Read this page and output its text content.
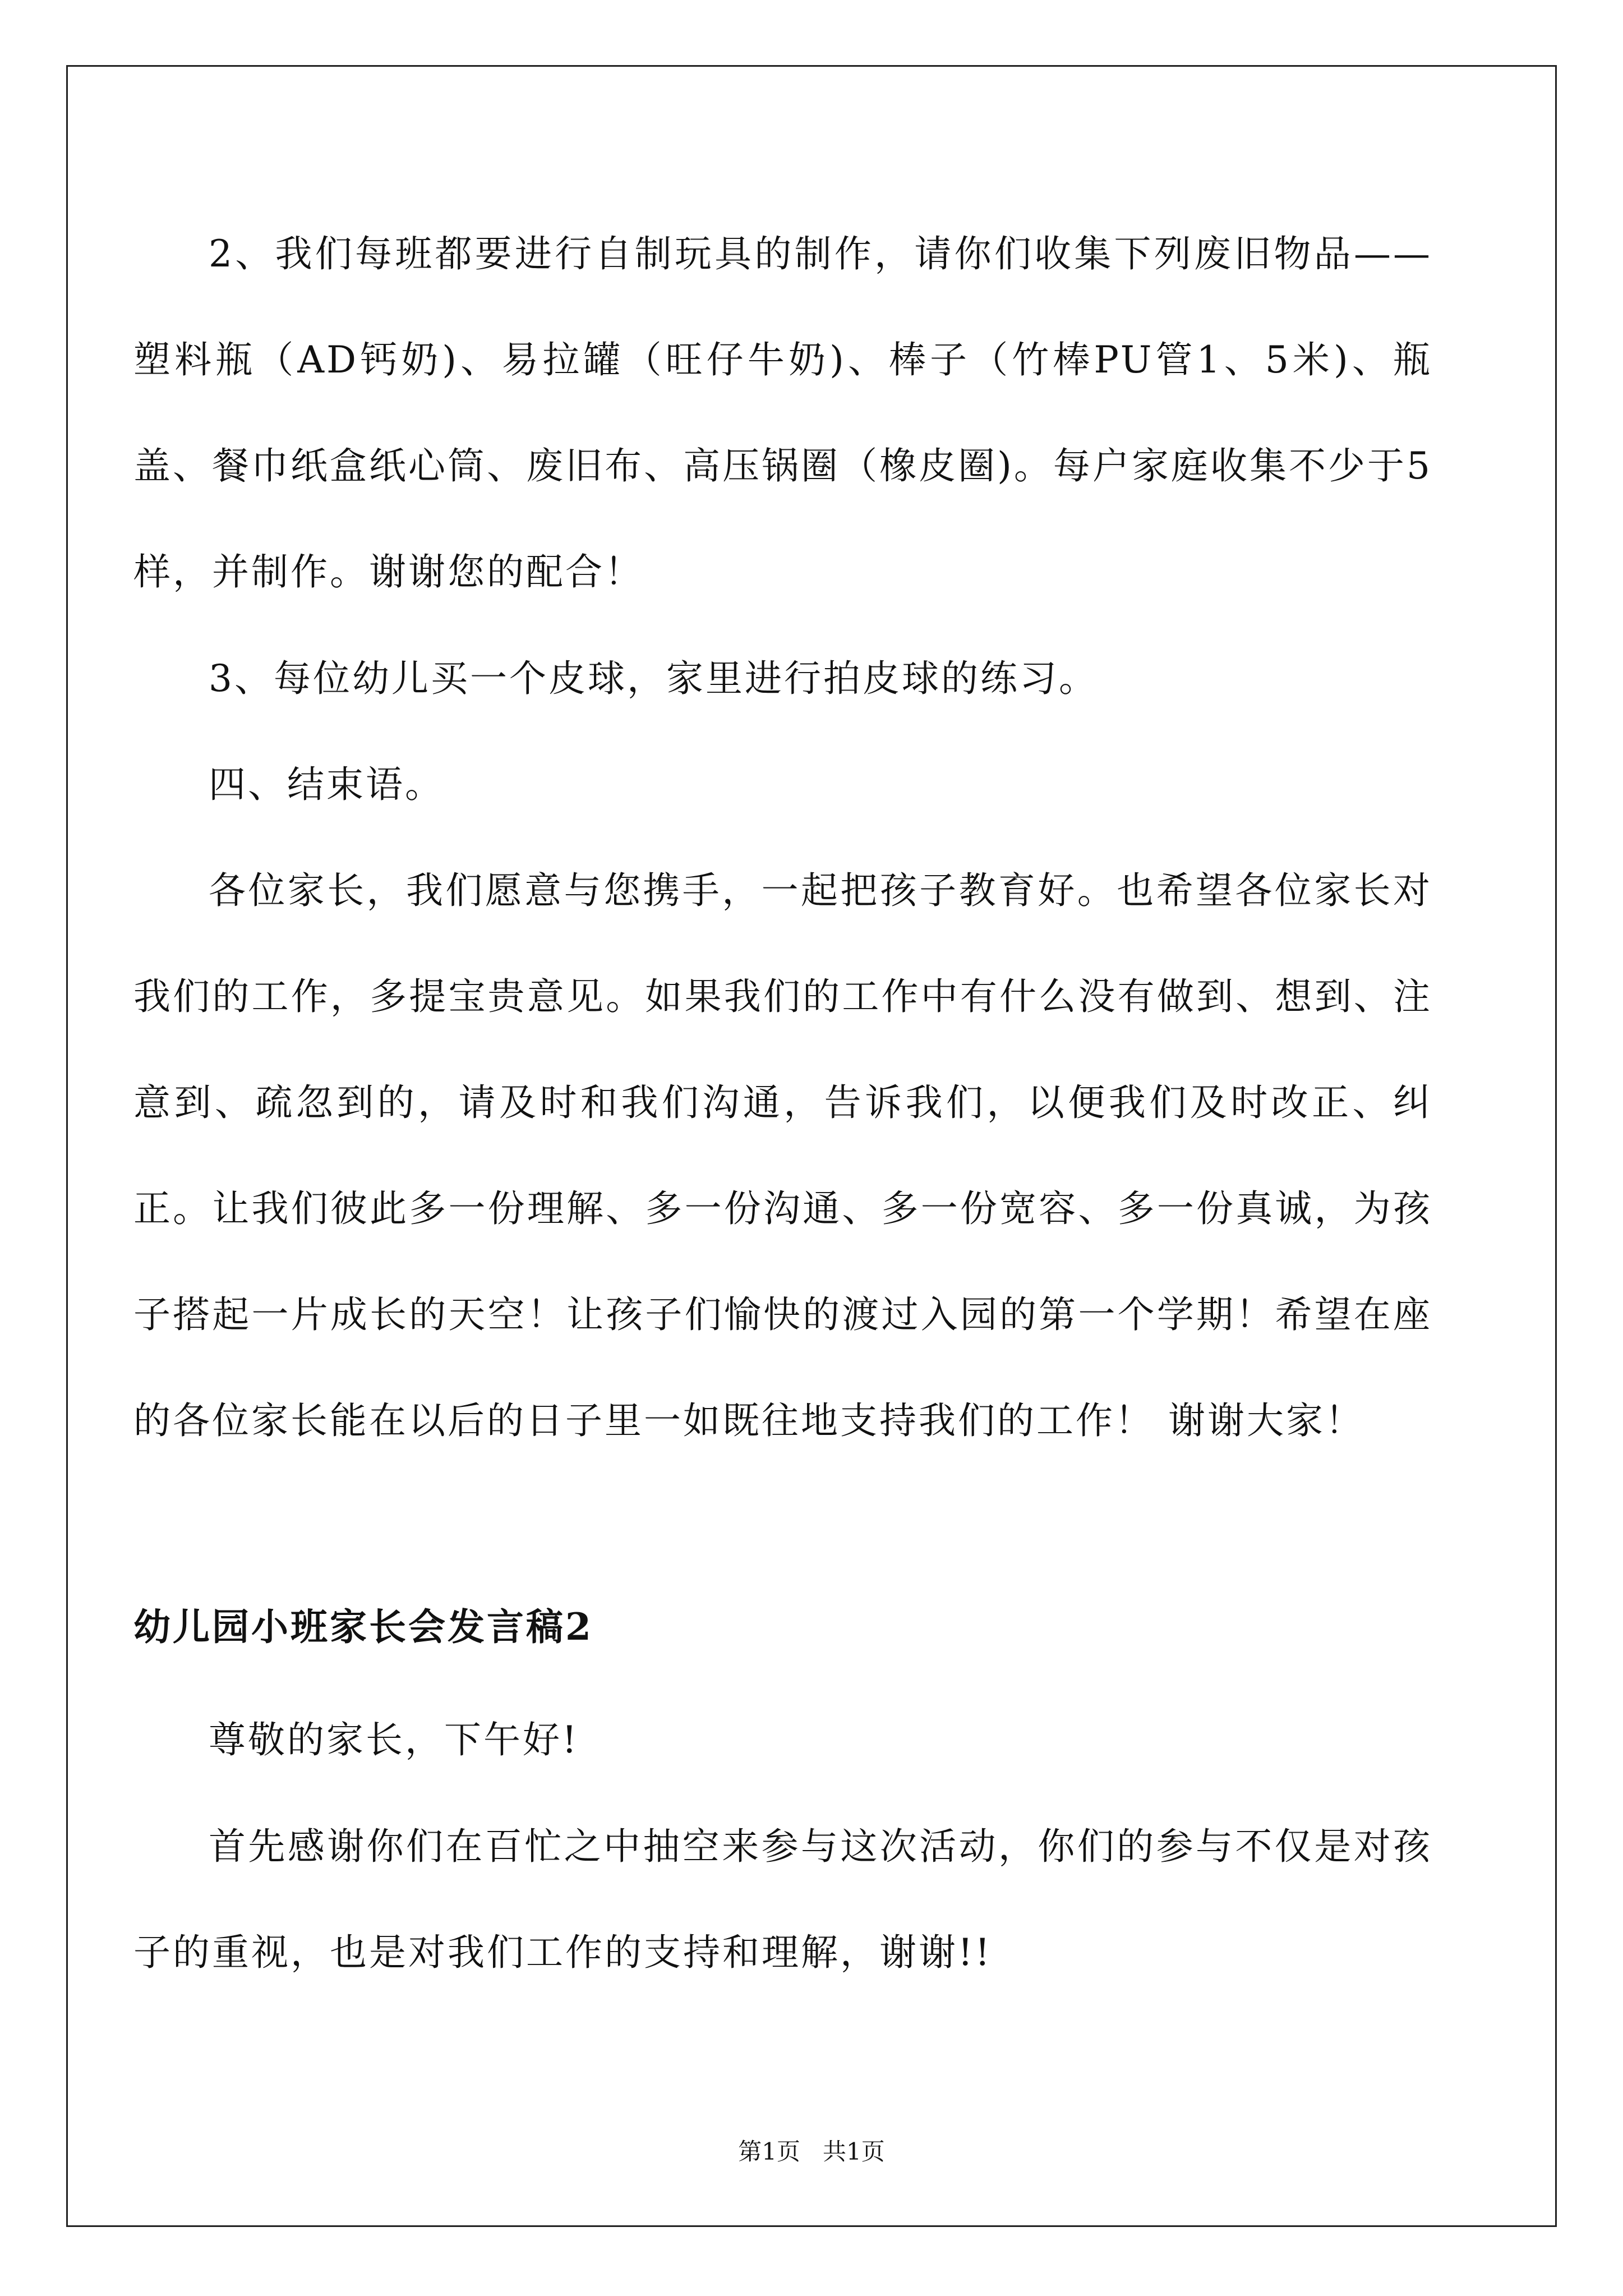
2、我们每班都要进行自制玩具的制作，请你们收集下列废旧物品——塑料瓶（AD钙奶)、易拉罐（旺仔牛奶)、棒子（竹棒PU管1、5米)、瓶盖、餐巾纸盒纸心筒、废旧布、高压锅圈（橡皮圈)。每户家庭收集不少于5样，并制作。谢谢您的配合！

3、每位幼儿买一个皮球，家里进行拍皮球的练习。

四、结束语。

各位家长，我们愿意与您携手，一起把孩子教育好。也希望各位家长对我们的工作，多提宝贵意见。如果我们的工作中有什么没有做到、想到、注意到、疏忽到的，请及时和我们沟通，告诉我们，以便我们及时改正、纠正。让我们彼此多一份理解、多一份沟通、多一份宽容、多一份真诚，为孩子搭起一片成长的天空！让孩子们愉快的渡过入园的第一个学期！希望在座的各位家长能在以后的日子里一如既往地支持我们的工作！ 谢谢大家！

幼儿园小班家长会发言稿2

尊敬的家长，下午好!

首先感谢你们在百忙之中抽空来参与这次活动，你们的参与不仅是对孩子的重视，也是对我们工作的支持和理解，谢谢!!

第1页 共1页
